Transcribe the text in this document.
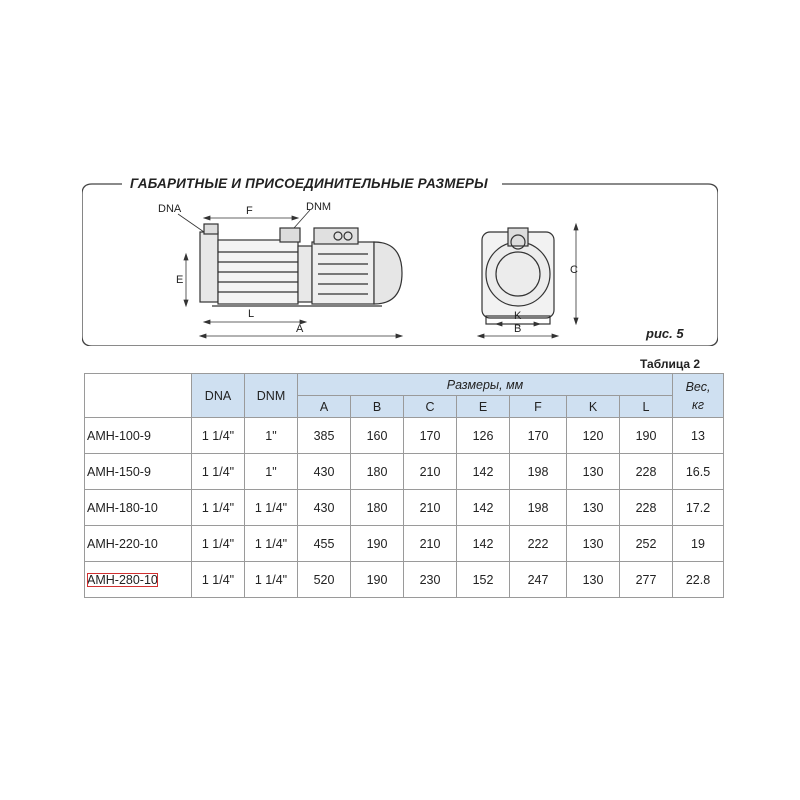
ГАБАРИТНЫЕ И ПРИСОЕДИНИТЕЛЬНЫЕ РАЗМЕРЫ
DNA	DNM
F
E
L
A
C
K
B	рис. 5
Таблица 2
	DNA	DNM	Размеры, мм							Вес,
кг
			A	B	C	E	F	K	L	
АМН-100-9	1 1/4"	1"	385	160	170	126	170	120	190	13
АМН-150-9	1 1/4"	1"	430	180	210	142	198	130	228	16.5
АМН-180-10	1 1/4"	1 1/4"	430	180	210	142	198	130	228	17.2
АМН-220-10	1 1/4"	1 1/4"	455	190	210	142	222	130	252	19
АМН-280-10	1 1/4"	1 1/4"	520	190	230	152	247	130	277	22.8
